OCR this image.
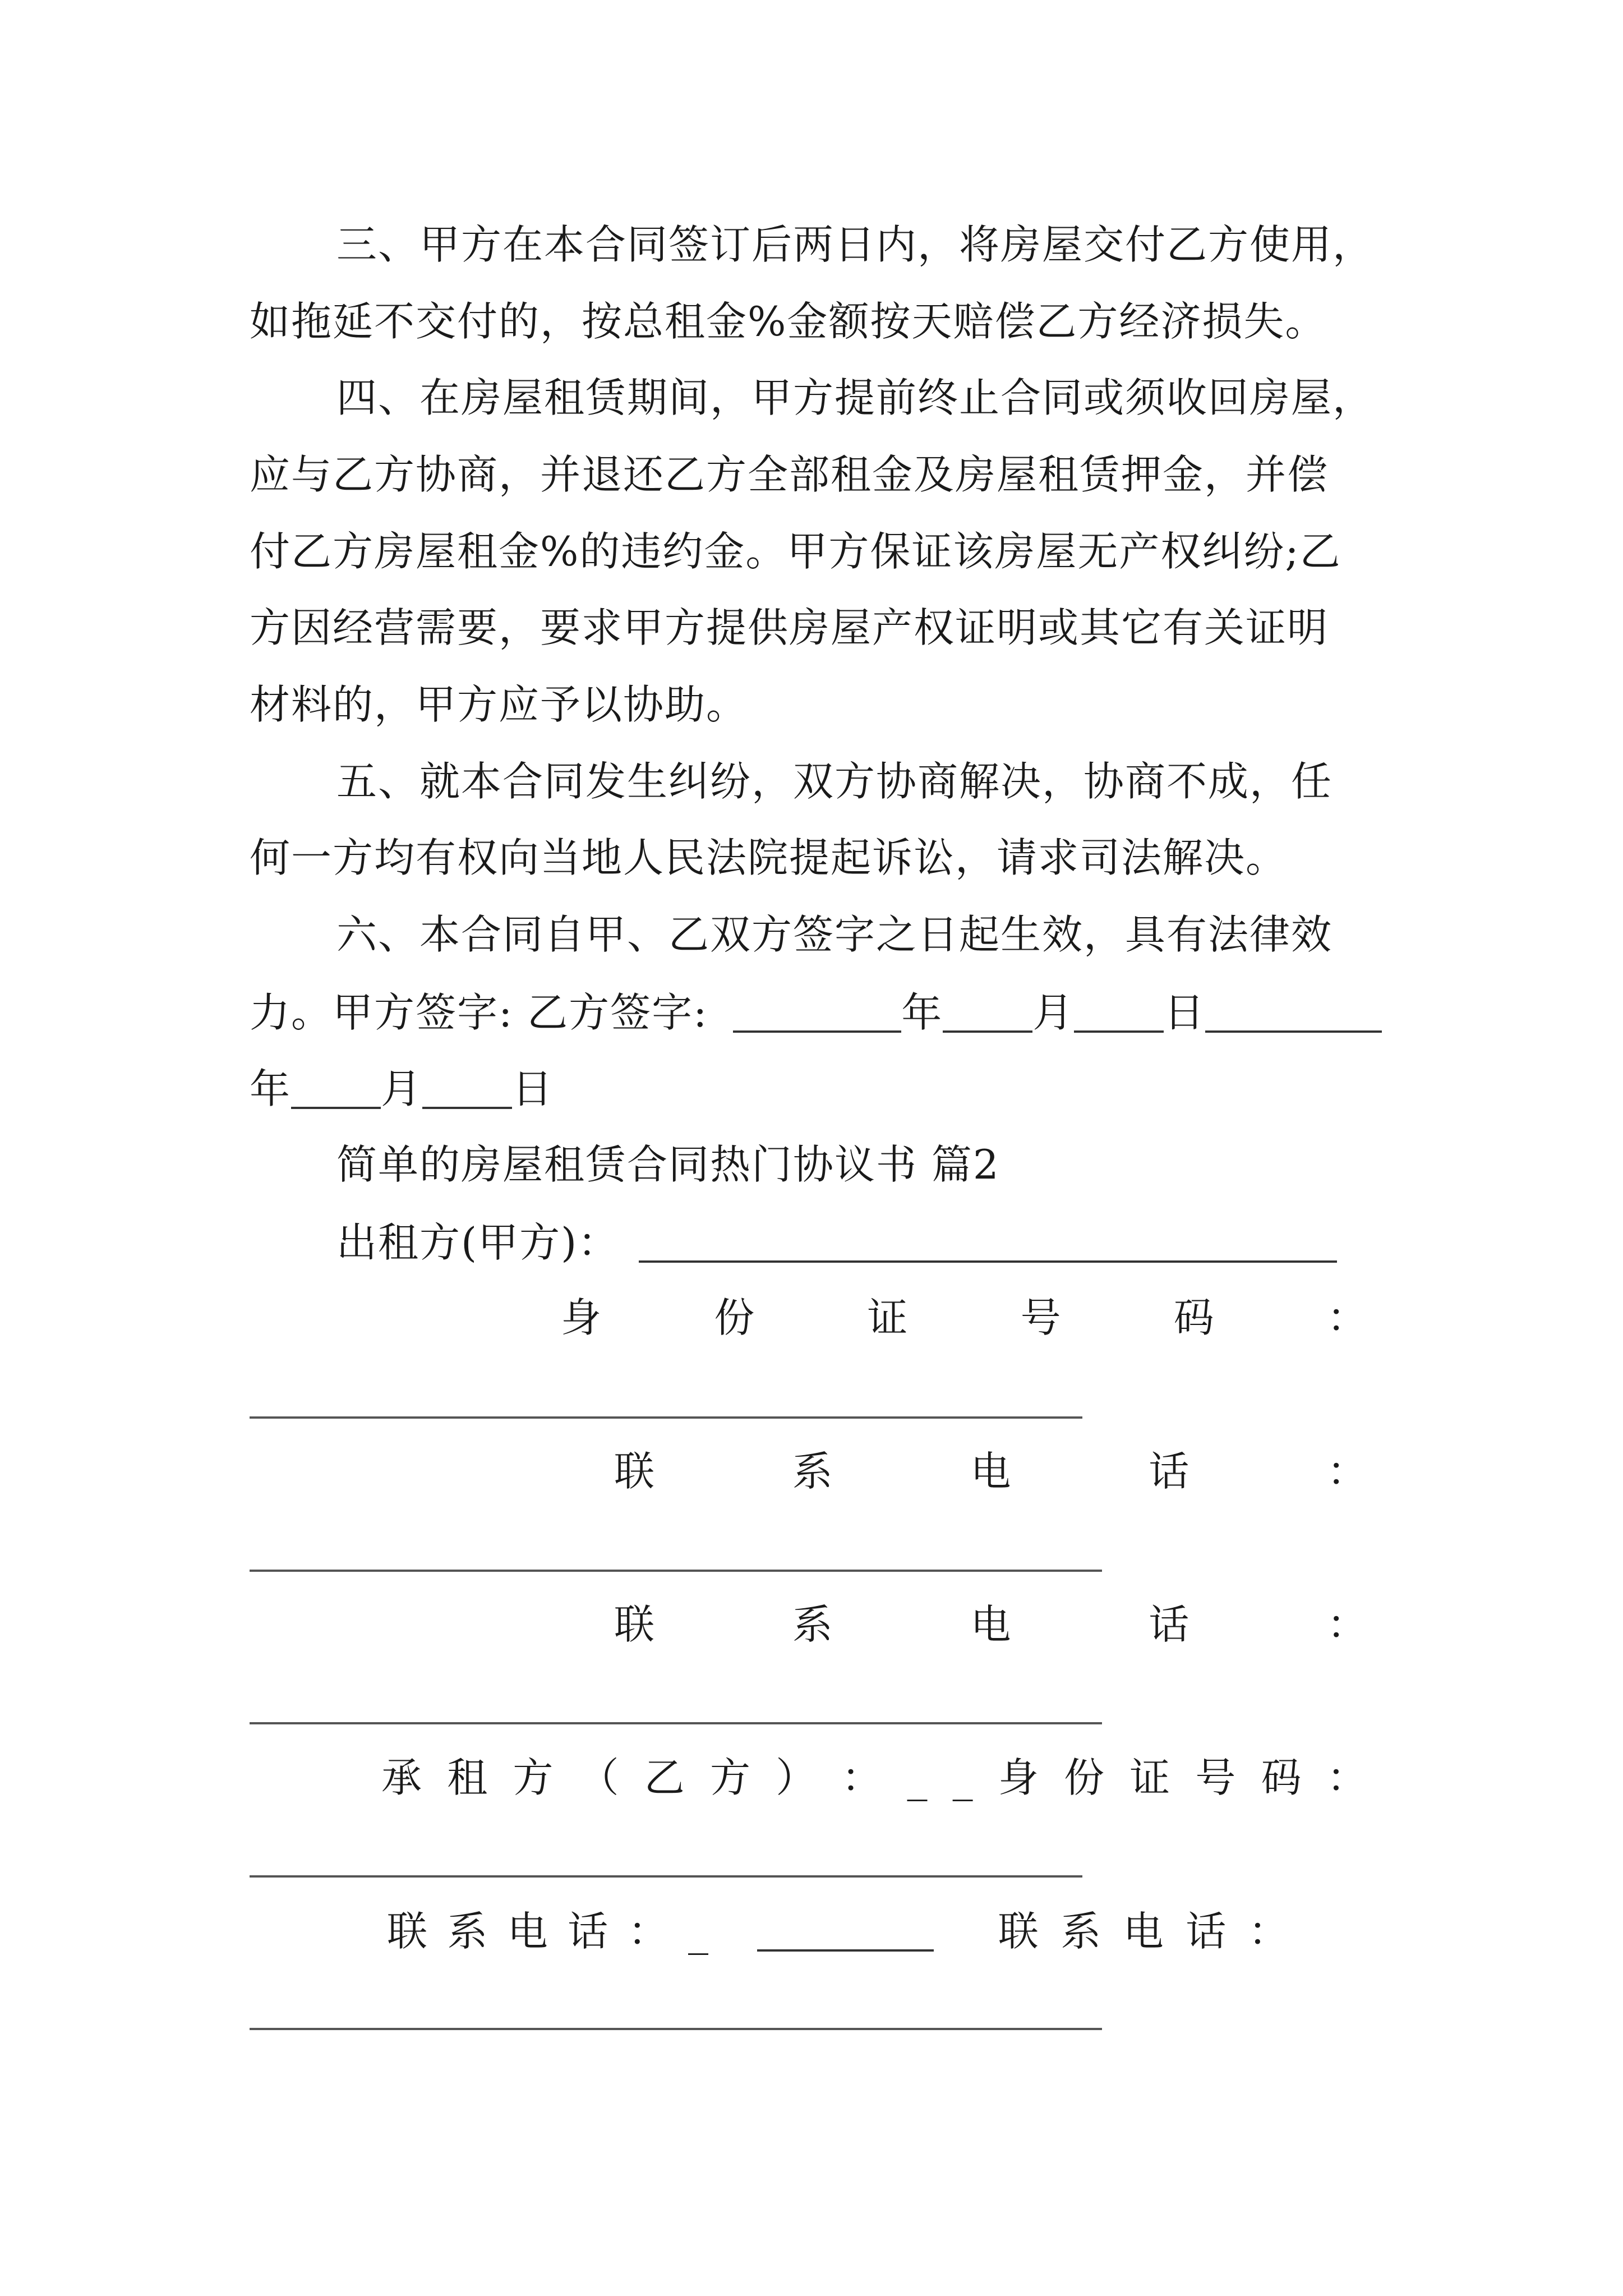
三、甲方在本合同签订后两日内，将房屋交付乙方使用，
如拖延不交付的，按总租金%金额按天赔偿乙方经济损失。
四、在房屋租赁期间，甲方提前终止合同或须收回房屋，
应与乙方协商，并退还乙方全部租金及房屋租赁押金，并偿
付乙方房屋租金%的违约金。甲方保证该房屋无产权纠纷;乙
方因经营需要，要求甲方提供房屋产权证明或其它有关证明
材料的，甲方应予以协助。
五、就本合同发生纠纷，双方协商解决，协商不成，任
何一方均有权向当地人民法院提起诉讼，请求司法解决。
六、本合同自甲、乙双方签字之日起生效，具有法律效
力。甲方签字: 乙方签字:	年 月 日
年 月 日
简单的房屋租赁合同热门协议书 篇2
出租方(甲方)：
身	份	证	号	码	：
联	系	电	话	：
联	系	电	话	：
承 租 方 （ 乙 方 ） ： _ _ 身 份 证 号 码 ：
联 系 电 话 ： _
	联 系 电 话 ：
